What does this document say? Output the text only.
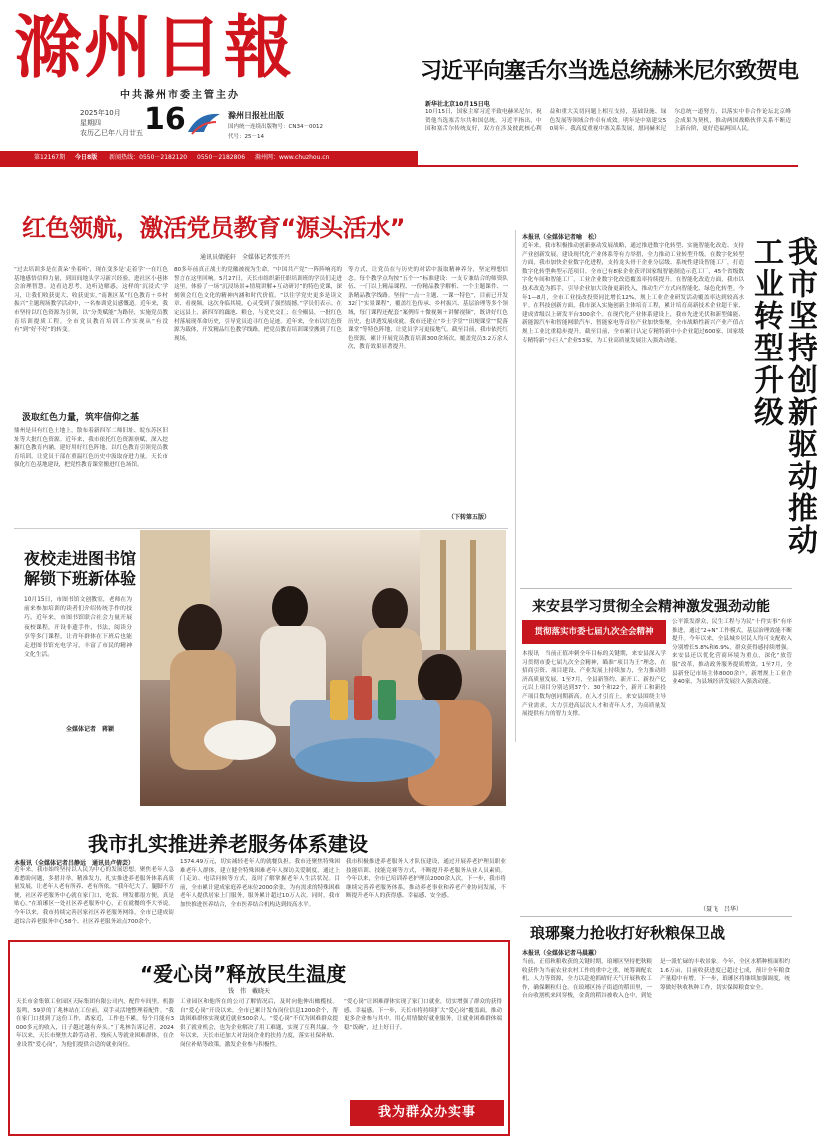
滁州日報
中共滁州市委主管主办
2025年10月
星期四
农历乙巳年八月廿五 16	滁州日报社出版
国内统一连续出版物号：CN34－0012
代号：25－14
第12167期 今日8版 新闻热线：0550－2182120 0550－2182806 滁州网：www.chuzhou.cn
习近平向塞舌尔当选总统赫米尼尔致贺电
新华社北京10月15日电
10月15日，国家主席习近平致电赫米尼尔，祝贺他当选塞舌尔共和国总统。习近平指出，中国和塞舌尔传统友好，双方在涉及彼此核心利益和重大关切问题上相互支持，基础设施、绿色发展等领域合作卓有成效。明年是中塞建交50周年。我高度重视中塞关系发展，愿同赫米尼尔总统一道努力，以落实中非合作论坛北京峰会成果为契机，推动两国战略伙伴关系不断迈上新台阶，更好造福两国人民。
红色领航，激活党员教育“源头活水”
通讯员储能轩　全媒体记者张开兴
“过去培训多是在黄朵‘坐着听’，现在变多是‘走着学’一在红色基地感悟信仰力量，到田间地头学习新兴经验，进社区小巷体会治理智慧。边看边思考，边听边解惑，这样的‘沉浸式’学习，让我们收获更大、收获更实。”南谯区某“红色教育＋乡村振兴”主题现场教学活动中，一名参训党员感慨道。近年来，我市坚持以红色资源为引领，以“分类赋能”为路径，实施党员教育培训提质工程，全市党员教育培训工作实现从“有没有”到“好不好”的转变。
汲取红色力量，筑牢信仰之基
鼎州是具有红色土地上，散布着新四军二师旧址、皖东苏区旧址等大批红色资源。近年来，我市依托红色资源禀赋，深入挖掘红色教育内涵，建好用好红色阵地，以红色教育引领党员教育培训，让党员干部在重温红色历史中汲取奋进力量。天长市强化红色基地建设，把党性教育课堂搬进红色场馆。
80多年前真正战士的党徽被视为生命。“中国共产党”一阵阵响亮的誓言在这里回响。5月27日，天长市组织新任职培训班的学员们走进这里，体验了一场“沉浸场景+情境讲解+互动研讨”的特色党课，深刻领会红色文化的精神内涵和时代价值。“以往学党史更多是读文章、看视频，这次身临其境，心灵受到了强烈震撼。”学员们表示。在定远县上，新四军的藕池、粮仓，与党史交汇；在全椒县，一批红色村落展现革命历史，引导党员追寻红色足迹。近年来，全市以红色资源为载体，开发精品红色教学线路，把党员教育培训课堂搬到了红色现场。
等方式，让党员在与历史的对话中汲取精神养分，坚定理想信念。每个教学点均按“五个一”标准建设：一支专兼结合的师资队伍、一门以上精品课程、一份精品教学解析、一个主题课件、一条精品教学线路。坚持“一点一主题、一课一特色”，目前已开发32门“实景课程”，覆盖红色传承、乡村振兴、基层治理等多个领域，每门课程还配套“案例库＋微视频＋讲解视频”，既讲好红色历史，也讲透发展成就。我市还建立“乡土学堂”“田埂课堂”“院落课堂”等特色阵地，让党员学习更接地气。截至目前，我市依托红色资源，累计开展党员教育培训300余场次，覆盖党员3.2万余人次，教育效果显著提升。
（下转第五版）
本报讯（全媒体记者喻　松）
近年来，我市积极推动创新驱动发展战略，通过推进数字化转型、实施智能化改造、支持产业创新发展，建设现代化产业体系等有力举措，全力推动工业转型升级。在数字化转型方面，我市加快企业数字化进程，支持龙头骨干企业分层级、系统性建设智能工厂，打造数字化转型典型示范项目。全市已有8家企业获评国家级智能制造示范工厂，45个省级数字化车间和智能工厂，工业企业数字化改造覆盖率持续提升。在智能化改造方面，我市以技术改造为抓手，引导企业加大设备更新投入，推动生产方式向智能化、绿色化转型。今年1—8月，全市工业技改投资同比增长12%，规上工业企业研发活动覆盖率达到较高水平。在科技创新方面，我市深入实施创新主体培育工程，累计培育高新技术企业超千家，建成省级以上研发平台300余个。在现代化产业体系建设上，我市先进光伏和新型储能、新能源汽车和智能网联汽车、智能家电等首位产业加快集聚，全市战略性新兴产业产值占规上工业比重稳步提升。截至目前，全市累计认定专精特新中小企业超过600家，国家级专精特新“小巨人”企业53家，为工业高质量发展注入强劲动能。	我市坚持创新驱动推动工业转型升级
夜校走进图书馆
解锁下班新体验
10月15日，市图书馆文创教室，老师在为前来参加培训的读者们介绍传统手作的技巧。近年来，市图书馆联合社会力量开展夜校课程，开设非遗手作、书法、阅读分享等多门课程，让青年群体在下班后也能走进图书馆充电学习，丰富了市民的精神文化生活。
全媒体记者　蒋颖
我市扎实推进养老服务体系建设
本报讯（全媒体记者吕静远　通讯员卢倩芸）
近年来，我市始终坚持以人民为中心的发展思想，聚焦老年人急难愁盼问题，多措并举，精准发力，扎实推进养老服务体系高质量发展，让老年人老有所养、老有所依。“我年纪大了，腿脚不方便，社区养老服务中心就在家门口，吃饭、理发都很方便，真是贴心。”在琅琊区一处社区养老服务中心，正在就餐的李大爷说。今年以来，我市持续完善居家社区养老服务网络，全市已建成街道综合养老服务中心58个、社区养老服务站点700余个。
1374.49万元，切实减轻老年人的就餐负担。我市还聚焦特殊困难老年人群体，建立健全特殊困难老年人探访关爱制度，通过上门走访、电话问候等方式，及时了解掌握老年人生活状况。目前，全市累计建成家庭养老床位2000余张，为有需求的特殊困难老年人提供居家上门服务，服务累计超过10万人次。同时，我市加快推进医养结合，全市医养结合机构达到较高水平。
我市积极推进养老服务人才队伍建设，通过开展养老护理员职业技能培训、技能竞赛等方式，不断提升养老服务从业人员素质。今年以来，全市已培训养老护理员2000余人次。下一步，我市将继续完善养老服务体系，推动养老事业和养老产业协同发展，不断提升老年人的获得感、幸福感、安全感。
来安县学习贯彻全会精神激发强劲动能
贯彻落实市委七届九次全会精神
本报讯　当前正值冲刺全年目标的关键期，来安县深入学习贯彻市委七届九次全会精神，瞄准“项目为王”理念，在招商引资、项目建设、产业发展上持续加力，全力推动经济高质量发展。1至7月，全县新签约、新开工、新投产亿元以上项目分别达到37个、30个和22个，新开工和新投产项目数均创同期新高。在入才引育上，来安县围绕主导产业需求，大力引进高层次人才和青年人才，为高质量发展提供有力的智力支撑。
公平派发群众，民生工程与为民“十件实事”有序推进，通过“2+N”工作模式，基层治理效能不断提升。今年以来，全县城乡居民人均可支配收入分别增长5.8%和6.9%，群众获得感持续增强。来安县还以优化营商环境为重点，深化“放管服”改革，推动政务服务提质增效。1至7月，全县新登记市场主体8000余户，新增规上工业企业40家，为县域经济发展注入强劲动能。
（聂飞　吕华）
琅琊聚力抢收打好秋粮保卫战
本报讯（全媒体记者马晨蕙）
当前，正值秋粮收获的关键时期，琅琊区坚持把秋粮收获作为当前农业农村工作的重中之重，统筹调配农机、人力等资源，全力以赴抢抓晴好天气开展秋收工作，确保颗粒归仓。在琅琊区扬子街道的稻田里，一台台收割机来回穿梭，金黄的稻谷被收入仓中，到处是一派忙碌的丰收景象。今年，全区水稻种植面积约1.6万亩，目前收获进度已超过七成，预计全年粮食产量稳中有增。下一步，琅琊区将继续加强调度，统筹做好秋收秋种工作，切实保障粮食安全。
“爱心岗”释放民生温度
钱　伟　戴晓天
天长市金集镇工业园区天际集团有限公司内，配件车间里，机器轰鸣，59岁的丁兆林站在工位前，双手灵活地整理着配件。“我在家门口找到了这份工作，离家近，工作也不累，每个月能有3000多元的收入，日子越过越有奔头。”丁兆林告诉记者。2024年以来，天长市聚焦大龄劳动者、残疾人等就业困难群体，在企业设置“爱心岗”，为他们提供合适的就业岗位。
工业园区和他所在的公司了解情况后，及时向他伸出橄榄枝。自“爱心岗”开设以来，全市已累计发布岗位信息1200余个，帮助困难群体实现就近就业500余人。“爱心岗”不仅为困难群众提供了就业机会，也为企业解决了用工难题，实现了互利共赢。今年以来，天长市还加大对设岗企业的扶持力度，落实社保补贴、岗位补贴等政策，激发企业参与积极性。
“爱心岗”让困难群体实现了家门口就业，切实增强了群众的获得感、幸福感。下一步，天长市将持续扩大“爱心岗”覆盖面，推动更多企业参与其中，用心用情做好就业服务，让就业困难群体端稳“饭碗”，过上好日子。
我为群众办实事
